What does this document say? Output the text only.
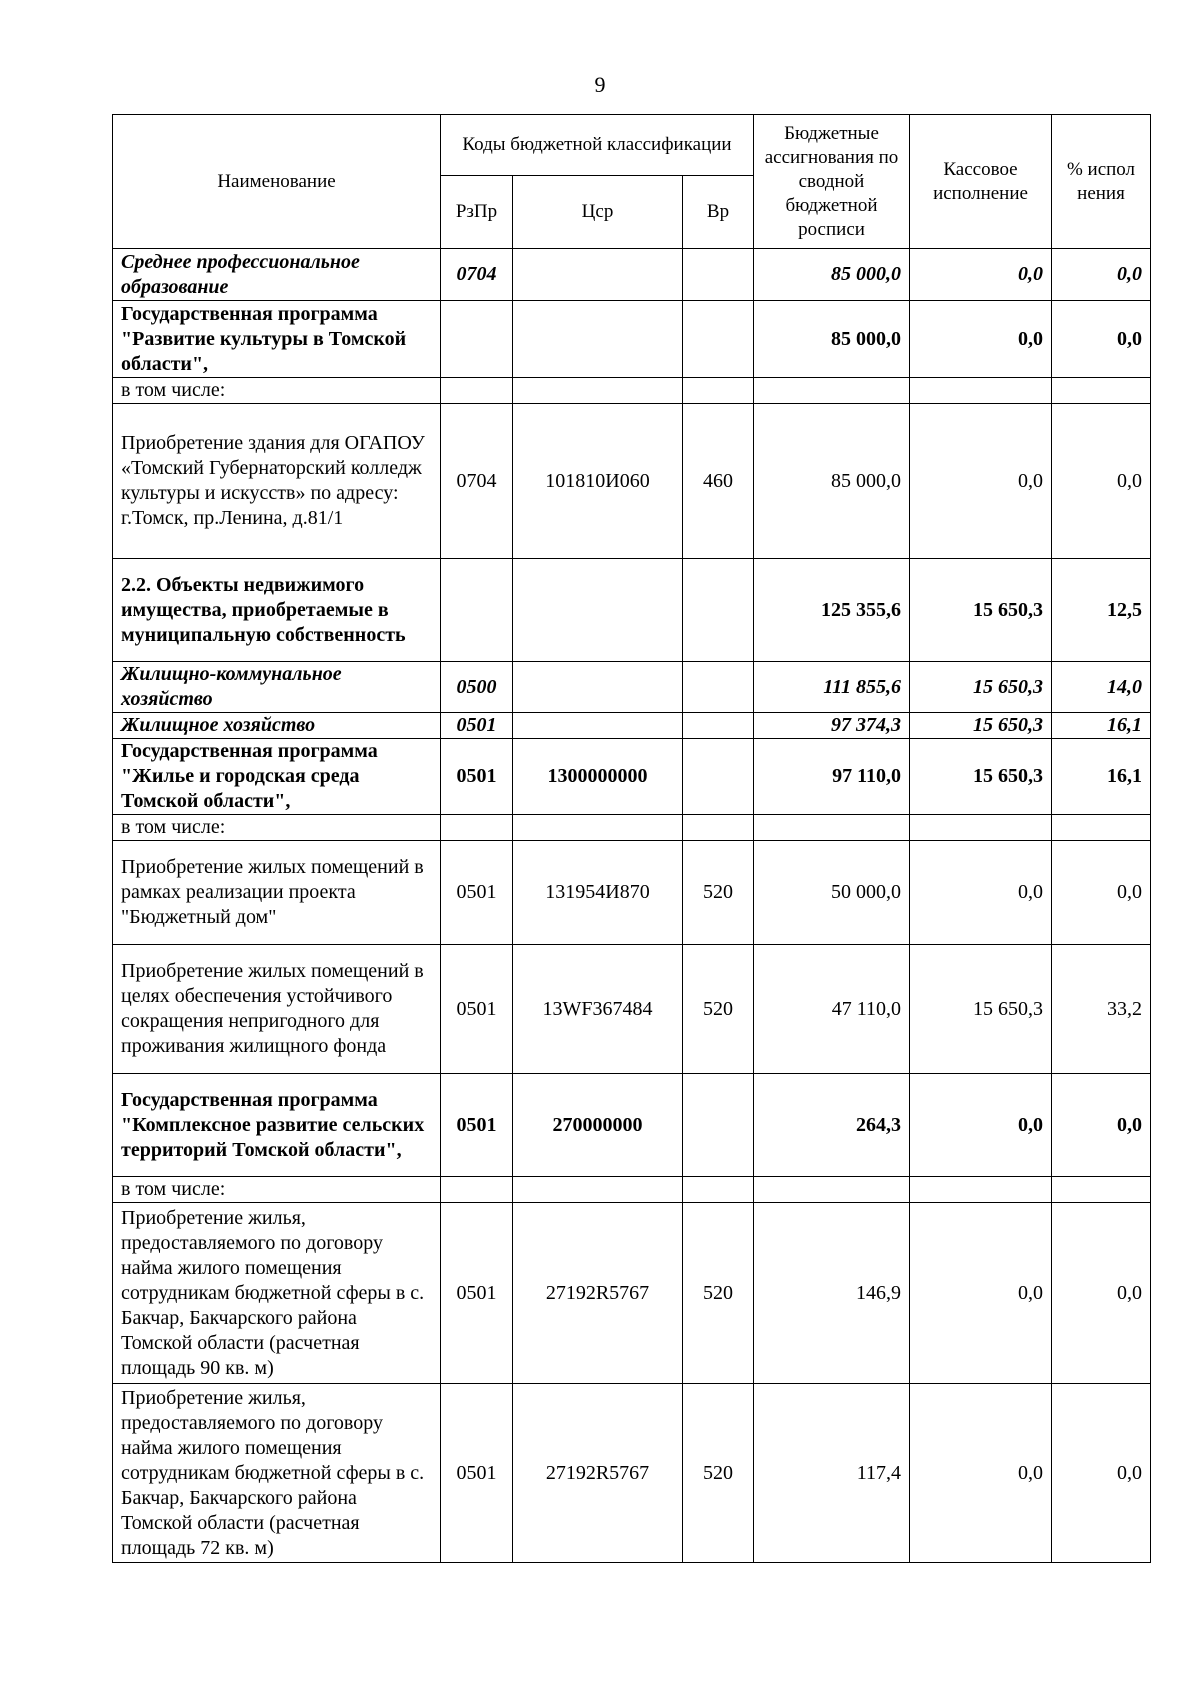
9
Наименование	Коды бюджетной классификации			Бюджетные ассигнования по сводной бюджетной росписи	Кассовое исполнение	% испол нения
	РзПр	Цср	Вр			
Среднее профессиональное образование	0704			85 000,0	0,0	0,0
Государственная программа "Развитие культуры в Томской области",				85 000,0	0,0	0,0
в том числе:						
Приобретение здания для ОГАПОУ «Томский Губернаторский колледж культуры и искусств» по адресу: г.Томск, пр.Ленина, д.81/1	0704	101810И060	460	85 000,0	0,0	0,0
2.2. Объекты недвижимого имущества, приобретаемые в муниципальную собственность				125 355,6	15 650,3	12,5
Жилищно-коммунальное хозяйство	0500			111 855,6	15 650,3	14,0
Жилищное хозяйство	0501			97 374,3	15 650,3	16,1
Государственная программа "Жилье и городская среда Томской области",	0501	1300000000		97 110,0	15 650,3	16,1
в том числе:						
Приобретение жилых помещений в рамках реализации проекта "Бюджетный дом"	0501	131954И870	520	50 000,0	0,0	0,0
Приобретение жилых помещений в целях обеспечения устойчивого сокращения непригодного для проживания жилищного фонда	0501	13WF367484	520	47 110,0	15 650,3	33,2
Государственная программа "Комплексное развитие сельских территорий Томской области",	0501	270000000		264,3	0,0	0,0
в том числе:						
Приобретение жилья, предоставляемого по договору найма жилого помещения сотрудникам бюджетной сферы в с. Бакчар, Бакчарского района Томской области (расчетная площадь 90 кв. м)	0501	27192R5767	520	146,9	0,0	0,0
Приобретение жилья, предоставляемого по договору найма жилого помещения сотрудникам бюджетной сферы в с. Бакчар, Бакчарского района Томской области (расчетная площадь 72 кв. м)	0501	27192R5767	520	117,4	0,0	0,0
